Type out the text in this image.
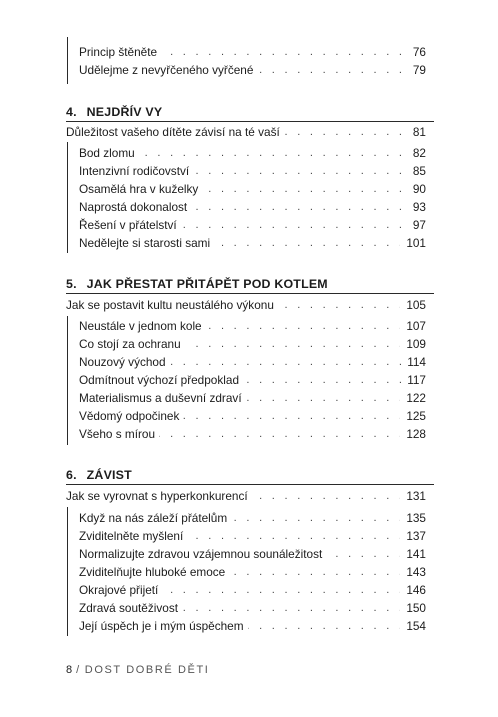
. . .
Princip štěněte	76
. . .
Udělejme z nevyřčeného vyřčené	79
4. NEJDŘÍV VY
. . .
Důležitost vašeho dítěte závisí na té vaší	81
. . .
Bod zlomu	82
. . .
Intenzivní rodičovství	85
. . .
Osamělá hra v kuželky	90
. . .
Naprostá dokonalost	93
. . .
Řešení v přátelství	97
. . .
Nedělejte si starosti sami	101
5. JAK PŘESTAT PŘITÁPĚT POD KOTLEM
. . .
Jak se postavit kultu neustálého výkonu	105
. . .
Neustále v jednom kole	107
. . .
Co stojí za ochranu	109
. . .
Nouzový východ	114
. . .
Odmítnout výchozí předpoklad	117
. . .
Materialismus a duševní zdraví	122
. . .
Vědomý odpočinek	125
. . .
Všeho s mírou	128
6. ZÁVIST
. . .
Jak se vyrovnat s hyperkonkurencí	131
. . .
Když na nás záleží přátelům	135
. . .
Zviditelněte myšlení	137
. . .
Normalizujte zdravou vzájemnou sounáležitost	141
. . .
Zviditelňujte hluboké emoce	143
. . .
Okrajové přijetí	146
. . .
Zdravá soutěživost	150
. . .
Její úspěch je i mým úspěchem	154
8 / DOST DOBRÉ DĚTI
